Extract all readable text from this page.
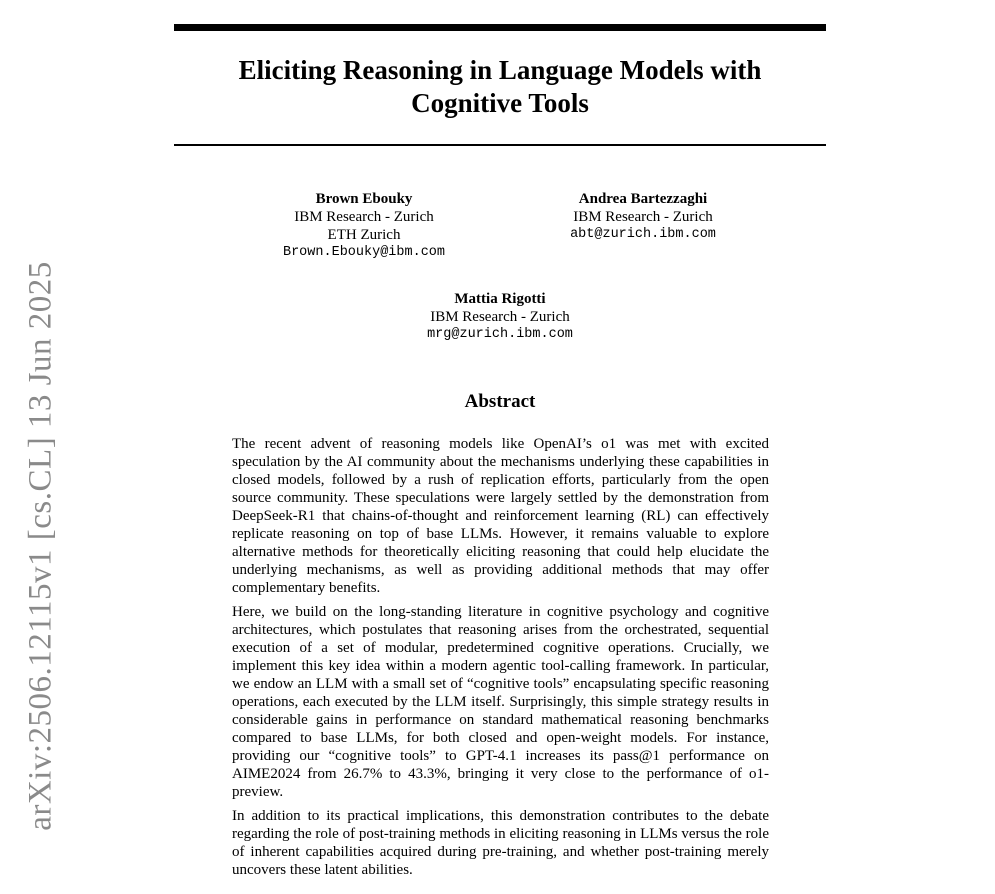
Eliciting Reasoning in Language Models with
Cognitive Tools
Brown Ebouky
IBM Research - Zurich
ETH Zurich
Brown.Ebouky@ibm.com
Andrea Bartezzaghi
IBM Research - Zurich
abt@zurich.ibm.com
Mattia Rigotti
IBM Research - Zurich
mrg@zurich.ibm.com
Abstract

The recent advent of reasoning models like OpenAI’s o1 was met with excited speculation by the AI community about the mechanisms underlying these capabilities in closed models, followed by a rush of replication efforts, particularly from the open source community. These speculations were largely settled by the demonstration from DeepSeek-R1 that chains-of-thought and reinforcement learning (RL) can effectively replicate reasoning on top of base LLMs. However, it remains valuable to explore alternative methods for theoretically eliciting reasoning that could help elucidate the underlying mechanisms, as well as providing additional methods that may offer complementary benefits.

Here, we build on the long-standing literature in cognitive psychology and cognitive architectures, which postulates that reasoning arises from the orchestrated, sequential execution of a set of modular, predetermined cognitive operations. Crucially, we implement this key idea within a modern agentic tool-calling framework. In particular, we endow an LLM with a small set of “cognitive tools” encapsulating specific reasoning operations, each executed by the LLM itself. Surprisingly, this simple strategy results in considerable gains in performance on standard mathematical reasoning benchmarks compared to base LLMs, for both closed and open-weight models. For instance, providing our “cognitive tools” to GPT-4.1 increases its pass@1 performance on AIME2024 from 26.7% to 43.3%, bringing it very close to the performance of o1-preview.

In addition to its practical implications, this demonstration contributes to the debate regarding the role of post-training methods in eliciting reasoning in LLMs versus the role of inherent capabilities acquired during pre-training, and whether post-training merely uncovers these latent abilities.

arXiv:2506.12115v1 [cs.CL] 13 Jun 2025
